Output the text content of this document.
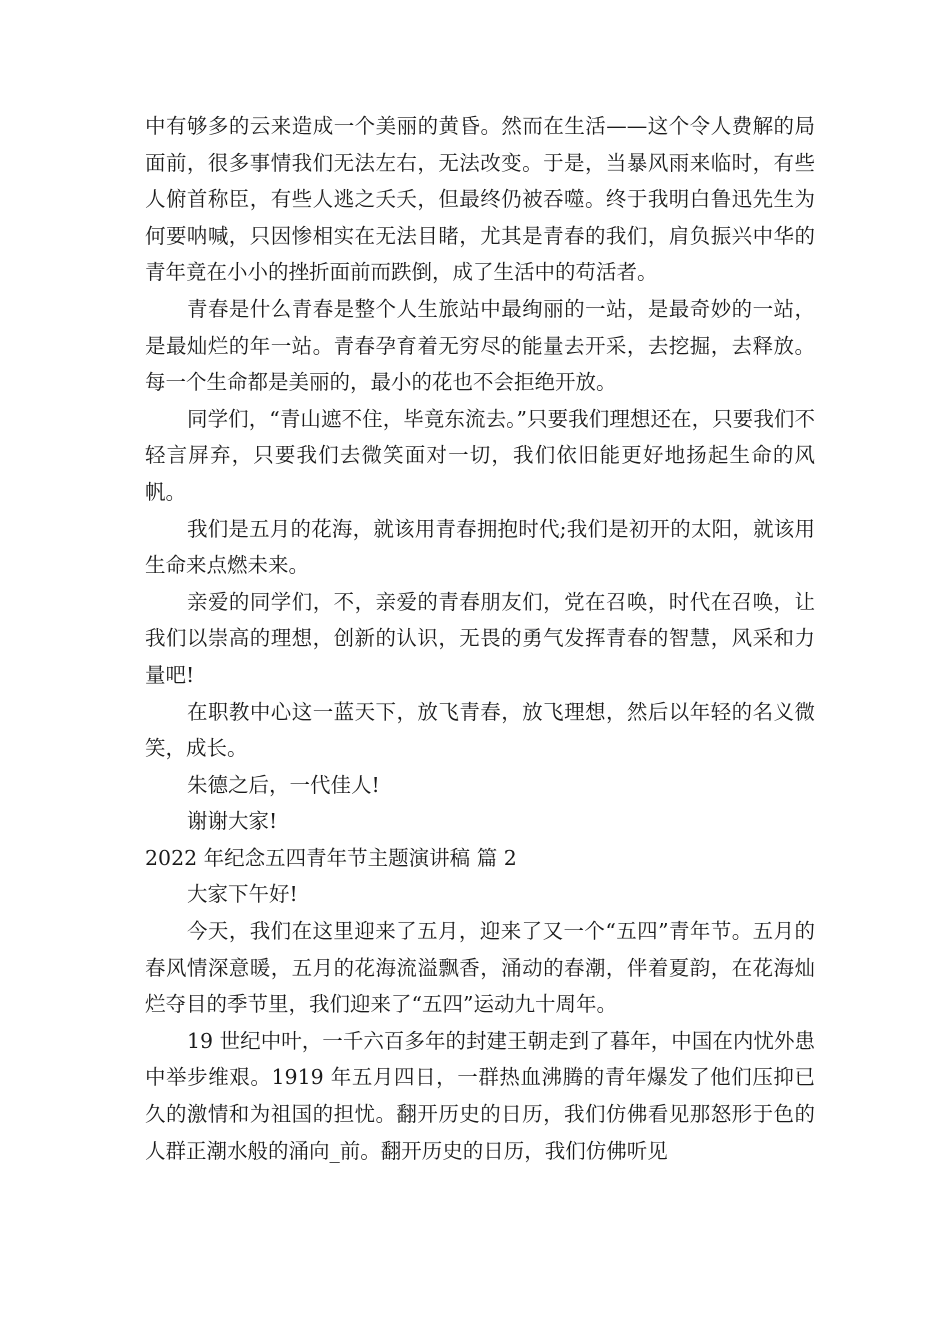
中有够多的云来造成一个美丽的黄昏。然而在生活——这个令人费解的局面前，很多事情我们无法左右，无法改变。于是，当暴风雨来临时，有些人俯首称臣，有些人逃之夭夭，但最终仍被吞噬。终于我明白鲁迅先生为何要呐喊，只因惨相实在无法目睹，尤其是青春的我们，肩负振兴中华的青年竟在小小的挫折面前而跌倒，成了生活中的苟活者。

青春是什么青春是整个人生旅站中最绚丽的一站，是最奇妙的一站，是最灿烂的年一站。青春孕育着无穷尽的能量去开采，去挖掘，去释放。每一个生命都是美丽的，最小的花也不会拒绝开放。

同学们，“青山遮不住，毕竟东流去。”只要我们理想还在，只要我们不轻言屏弃，只要我们去微笑面对一切，我们依旧能更好地扬起生命的风帆。

我们是五月的花海，就该用青春拥抱时代;我们是初开的太阳，就该用生命来点燃未来。

亲爱的同学们，不，亲爱的青春朋友们，党在召唤，时代在召唤，让我们以崇高的理想，创新的认识，无畏的勇气发挥青春的智慧，风采和力量吧!

在职教中心这一蓝天下，放飞青春，放飞理想，然后以年轻的名义微笑，成长。

朱德之后，一代佳人!

谢谢大家!

2022 年纪念五四青年节主题演讲稿 篇 2

大家下午好!

今天，我们在这里迎来了五月，迎来了又一个“五四”青年节。五月的春风情深意暖，五月的花海流溢飘香，涌动的春潮，伴着夏韵，在花海灿烂夺目的季节里，我们迎来了“五四”运动九十周年。

19 世纪中叶，一千六百多年的封建王朝走到了暮年，中国在内忧外患中举步维艰。1919 年五月四日，一群热血沸腾的青年爆发了他们压抑已久的激情和为祖国的担忧。翻开历史的日历，我们仿佛看见那怒形于色的人群正潮水般的涌向_前。翻开历史的日历，我们仿佛听见
